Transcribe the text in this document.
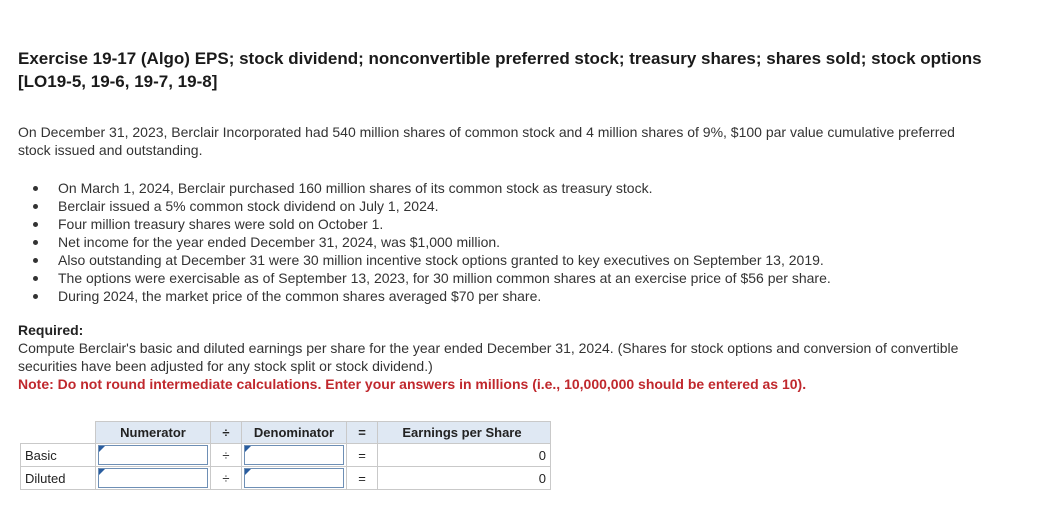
Exercise 19-17 (Algo) EPS; stock dividend; nonconvertible preferred stock; treasury shares; shares sold; stock options [LO19-5, 19-6, 19-7, 19-8]
On December 31, 2023, Berclair Incorporated had 540 million shares of common stock and 4 million shares of 9%, $100 par value cumulative preferred stock issued and outstanding.
On March 1, 2024, Berclair purchased 160 million shares of its common stock as treasury stock.
Berclair issued a 5% common stock dividend on July 1, 2024.
Four million treasury shares were sold on October 1.
Net income for the year ended December 31, 2024, was $1,000 million.
Also outstanding at December 31 were 30 million incentive stock options granted to key executives on September 13, 2019.
The options were exercisable as of September 13, 2023, for 30 million common shares at an exercise price of $56 per share.
During 2024, the market price of the common shares averaged $70 per share.
Required:
Compute Berclair's basic and diluted earnings per share for the year ended December 31, 2024. (Shares for stock options and conversion of convertible securities have been adjusted for any stock split or stock dividend.)
Note: Do not round intermediate calculations. Enter your answers in millions (i.e., 10,000,000 should be entered as 10).
	Numerator	÷	Denominator	=	Earnings per Share
Basic		÷		=	0
Diluted		÷		=	0
